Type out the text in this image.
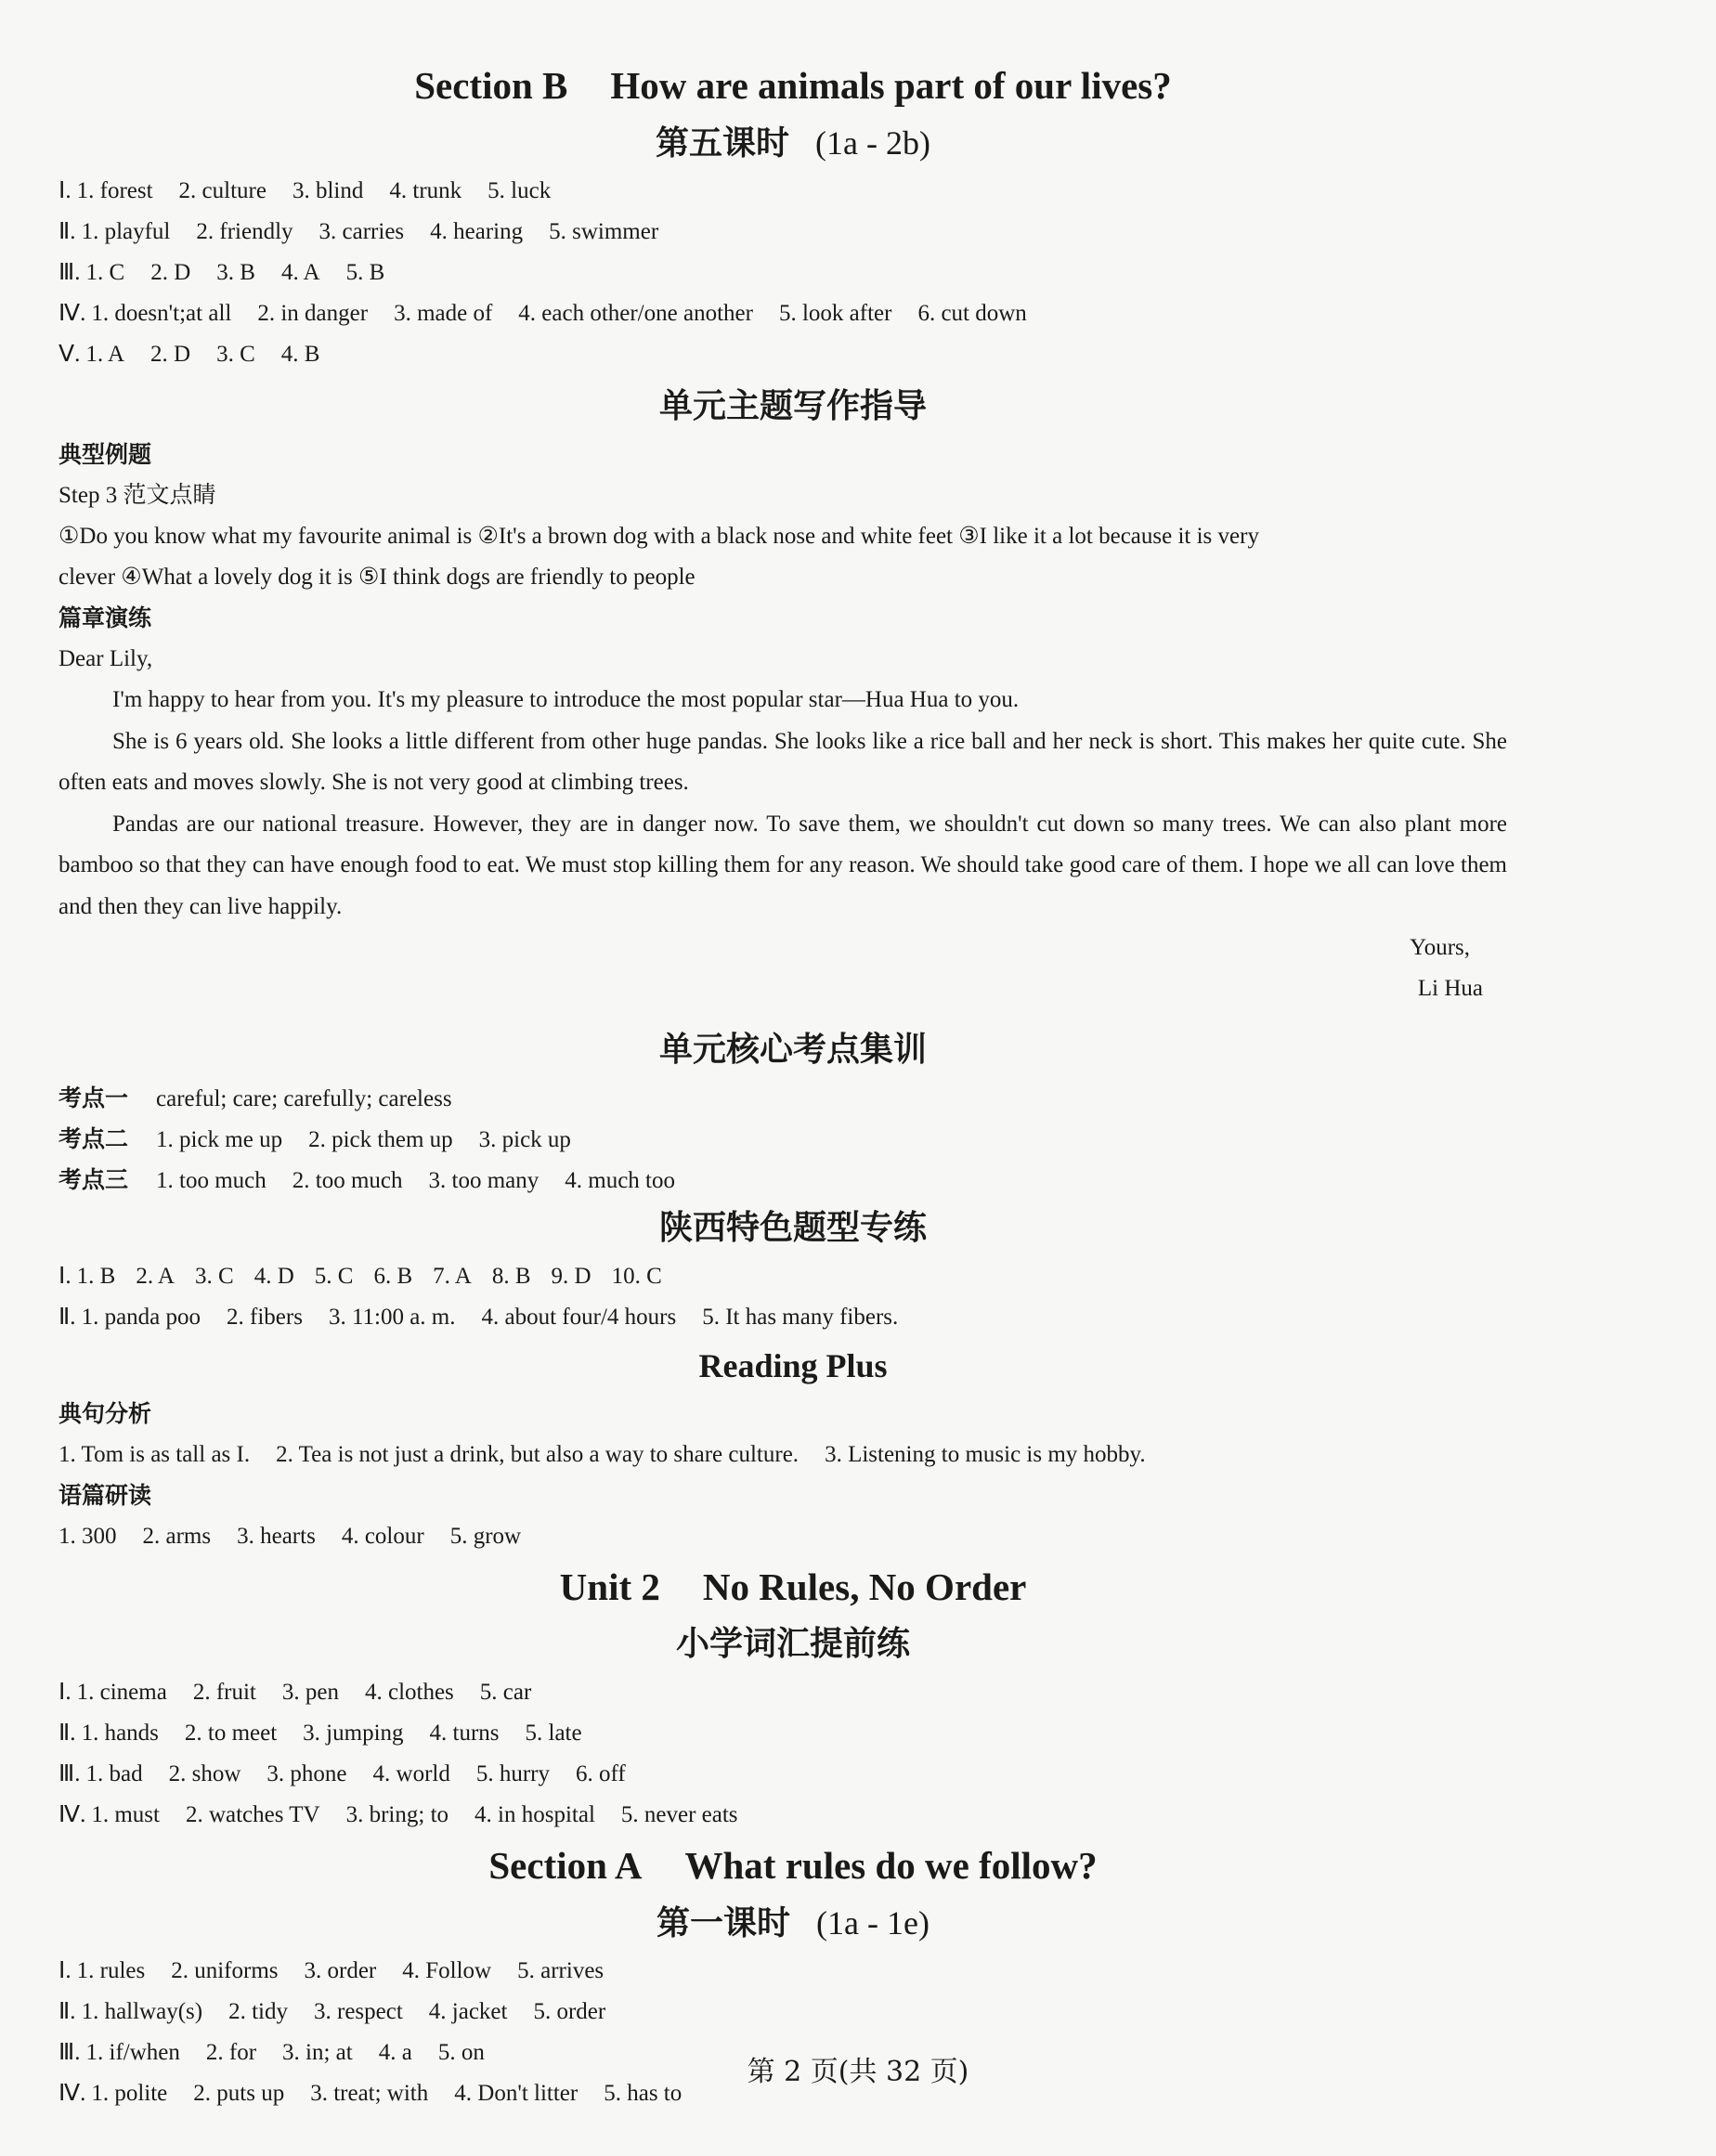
Section B How are animals part of our lives?
第五课时 (1a - 2b)
Ⅰ. 1. forest 2. culture 3. blind 4. trunk 5. luck
Ⅱ. 1. playful 2. friendly 3. carries 4. hearing 5. swimmer
Ⅲ. 1. C 2. D 3. B 4. A 5. B
Ⅳ. 1. doesn't;at all 2. in danger 3. made of 4. each other/one another 5. look after 6. cut down
Ⅴ. 1. A 2. D 3. C 4. B
单元主题写作指导
典型例题
Step 3 范文点睛
①Do you know what my favourite animal is ②It's a brown dog with a black nose and white feet ③I like it a lot because it is very
clever ④What a lovely dog it is ⑤I think dogs are friendly to people
篇章演练
Dear Lily,
I'm happy to hear from you. It's my pleasure to introduce the most popular star—Hua Hua to you.
She is 6 years old. She looks a little different from other huge pandas. She looks like a rice ball and her neck is short. This makes her quite cute. She often eats and moves slowly. She is not very good at climbing trees.
Pandas are our national treasure. However, they are in danger now. To save them, we shouldn't cut down so many trees. We can also plant more bamboo so that they can have enough food to eat. We must stop killing them for any reason. We should take good care of them. I hope we all can love them and then they can live happily.
Yours,
Li Hua
单元核心考点集训
考点一 careful; care; carefully; careless
考点二 1. pick me up 2. pick them up 3. pick up
考点三 1. too much 2. too much 3. too many 4. much too
陕西特色题型专练
Ⅰ. 1. B 2. A 3. C 4. D 5. C 6. B 7. A 8. B 9. D 10. C
Ⅱ. 1. panda poo 2. fibers 3. 11:00 a. m. 4. about four/4 hours 5. It has many fibers.
Reading Plus
典句分析
1. Tom is as tall as I. 2. Tea is not just a drink, but also a way to share culture. 3. Listening to music is my hobby.
语篇研读
1. 300 2. arms 3. hearts 4. colour 5. grow
Unit 2 No Rules, No Order
小学词汇提前练
Ⅰ. 1. cinema 2. fruit 3. pen 4. clothes 5. car
Ⅱ. 1. hands 2. to meet 3. jumping 4. turns 5. late
Ⅲ. 1. bad 2. show 3. phone 4. world 5. hurry 6. off
Ⅳ. 1. must 2. watches TV 3. bring; to 4. in hospital 5. never eats
Section A What rules do we follow?
第一课时 (1a - 1e)
Ⅰ. 1. rules 2. uniforms 3. order 4. Follow 5. arrives
Ⅱ. 1. hallway(s) 2. tidy 3. respect 4. jacket 5. order
Ⅲ. 1. if/when 2. for 3. in; at 4. a 5. on
Ⅳ. 1. polite 2. puts up 3. treat; with 4. Don't litter 5. has to
第 2 页(共 32 页)
